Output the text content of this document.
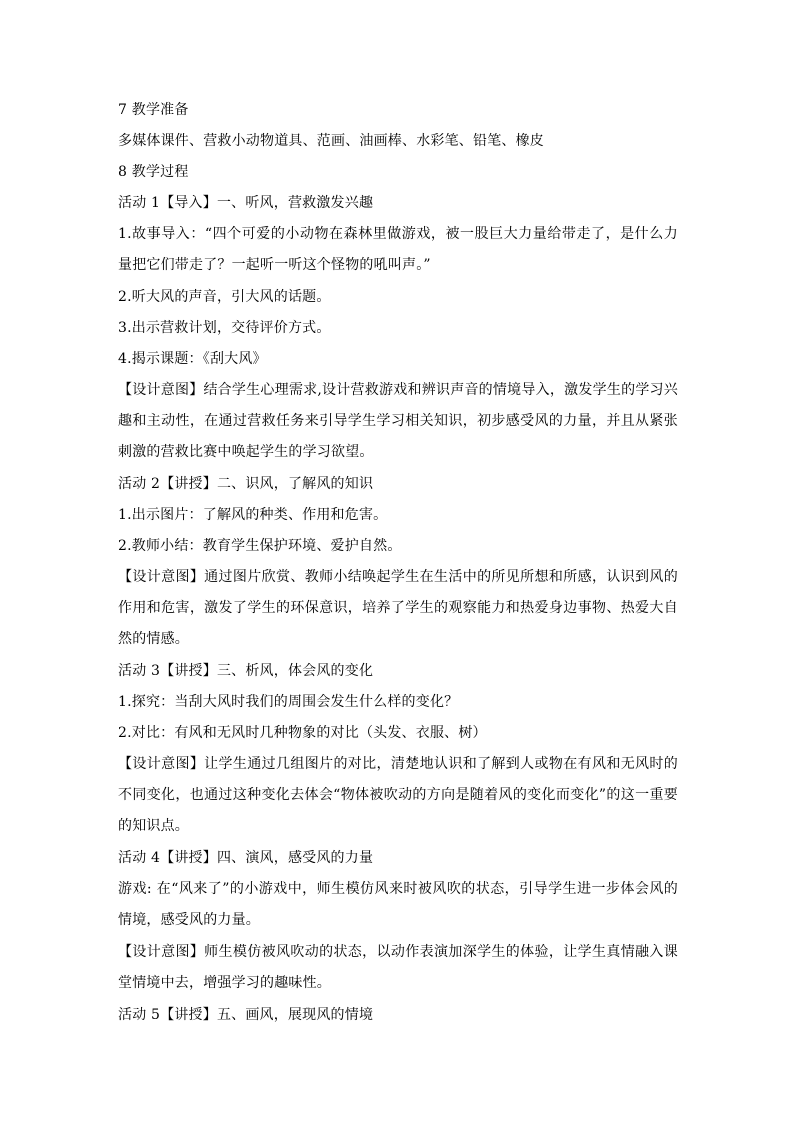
7 教学准备

多媒体课件、营救小动物道具、范画、油画棒、水彩笔、铅笔、橡皮

8 教学过程

活动 1【导入】一、听风，营救激发兴趣

1.故事导入：“四个可爱的小动物在森林里做游戏，被一股巨大力量给带走了，是什么力量把它们带走了？一起听一听这个怪物的吼叫声。”

2.听大风的声音，引大风的话题。

3.出示营救计划，交待评价方式。

4.揭示课题：《刮大风》

【设计意图】结合学生心理需求,设计营救游戏和辨识声音的情境导入，激发学生的学习兴趣和主动性，在通过营救任务来引导学生学习相关知识，初步感受风的力量，并且从紧张刺激的营救比赛中唤起学生的学习欲望。

活动 2【讲授】二、识风，了解风的知识

1.出示图片：了解风的种类、作用和危害。

2.教师小结：教育学生保护环境、爱护自然。

【设计意图】通过图片欣赏、教师小结唤起学生在生活中的所见所想和所感，认识到风的作用和危害，激发了学生的环保意识，培养了学生的观察能力和热爱身边事物、热爱大自然的情感。

活动 3【讲授】三、析风，体会风的变化

1.探究：当刮大风时我们的周围会发生什么样的变化？

2.对比：有风和无风时几种物象的对比（头发、衣服、树）

【设计意图】让学生通过几组图片的对比，清楚地认识和了解到人或物在有风和无风时的不同变化，也通过这种变化去体会“物体被吹动的方向是随着风的变化而变化”的这一重要的知识点。

活动 4【讲授】四、演风，感受风的力量

游戏: 在“风来了”的小游戏中，师生模仿风来时被风吹的状态，引导学生进一步体会风的情境，感受风的力量。

【设计意图】师生模仿被风吹动的状态，以动作表演加深学生的体验，让学生真情融入课堂情境中去，增强学习的趣味性。

活动 5【讲授】五、画风，展现风的情境
